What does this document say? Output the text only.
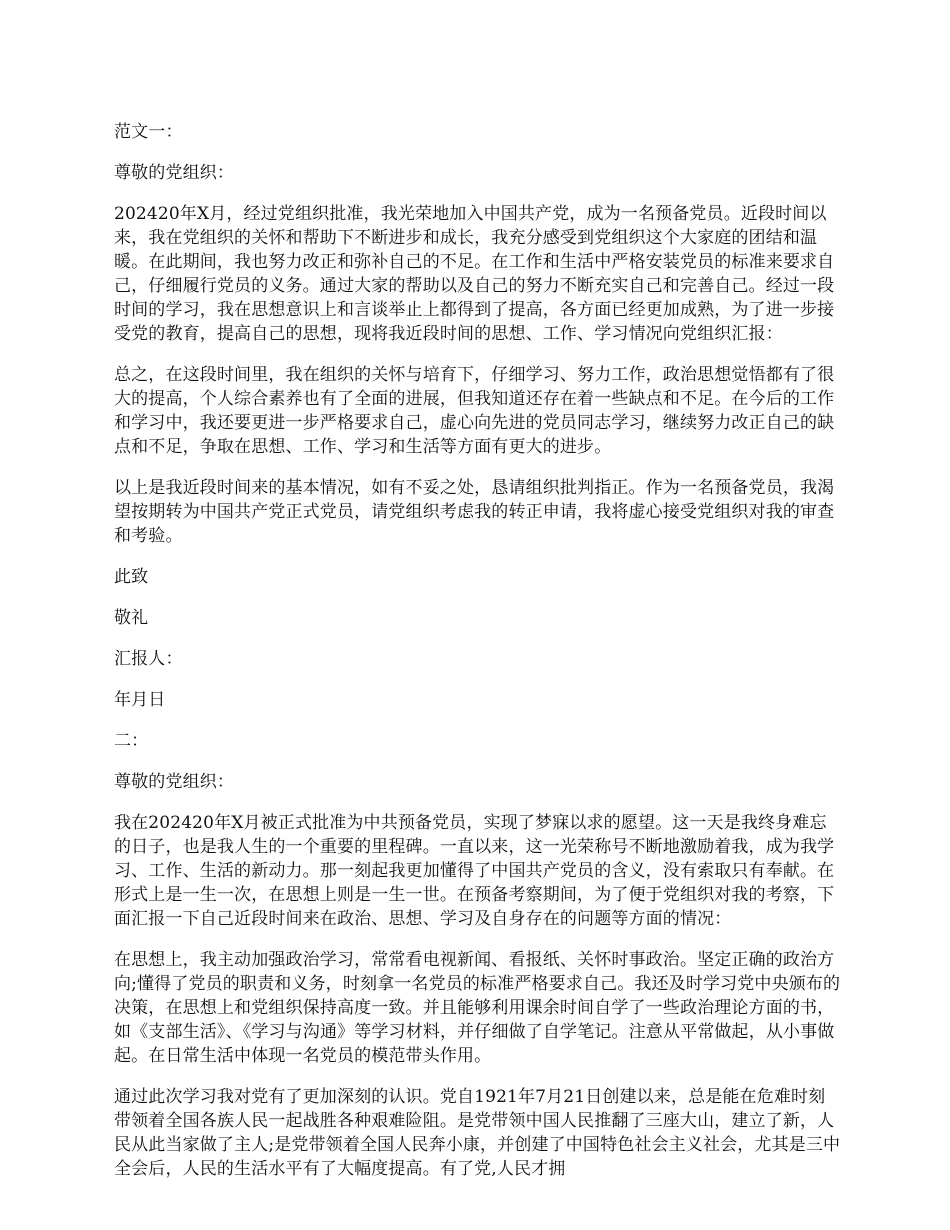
范文一：

尊敬的党组织：

202420年X月，经过党组织批准，我光荣地加入中国共产党，成为一名预备党员。近段时间以来，我在党组织的关怀和帮助下不断进步和成长，我充分感受到党组织这个大家庭的团结和温暖。在此期间，我也努力改正和弥补自己的不足。在工作和生活中严格安装党员的标准来要求自己，仔细履行党员的义务。通过大家的帮助以及自己的努力不断充实自己和完善自己。经过一段时间的学习，我在思想意识上和言谈举止上都得到了提高，各方面已经更加成熟，为了进一步接受党的教育，提高自己的思想，现将我近段时间的思想、工作、学习情况向党组织汇报：

总之，在这段时间里，我在组织的关怀与培育下，仔细学习、努力工作，政治思想觉悟都有了很大的提高，个人综合素养也有了全面的进展，但我知道还存在着一些缺点和不足。在今后的工作和学习中，我还要更进一步严格要求自己，虚心向先进的党员同志学习，继续努力改正自己的缺点和不足，争取在思想、工作、学习和生活等方面有更大的进步。

以上是我近段时间来的基本情况，如有不妥之处，恳请组织批判指正。作为一名预备党员，我渴望按期转为中国共产党正式党员，请党组织考虑我的转正申请，我将虚心接受党组织对我的审查和考验。

此致

敬礼

汇报人：

年月日

二：

尊敬的党组织：

我在202420年X月被正式批准为中共预备党员，实现了梦寐以求的愿望。这一天是我终身难忘的日子，也是我人生的一个重要的里程碑。一直以来，这一光荣称号不断地激励着我，成为我学习、工作、生活的新动力。那一刻起我更加懂得了中国共产党员的含义，没有索取只有奉献。在形式上是一生一次，在思想上则是一生一世。在预备考察期间，为了便于党组织对我的考察，下面汇报一下自己近段时间来在政治、思想、学习及自身存在的问题等方面的情况：

在思想上，我主动加强政治学习，常常看电视新闻、看报纸、关怀时事政治。坚定正确的政治方向;懂得了党员的职责和义务，时刻拿一名党员的标准严格要求自己。我还及时学习党中央颁布的决策，在思想上和党组织保持高度一致。并且能够利用课余时间自学了一些政治理论方面的书，如《支部生活》、《学习与沟通》等学习材料，并仔细做了自学笔记。注意从平常做起，从小事做起。在日常生活中体现一名党员的模范带头作用。

通过此次学习我对党有了更加深刻的认识。党自1921年7月21日创建以来，总是能在危难时刻带领着全国各族人民一起战胜各种艰难险阻。是党带领中国人民推翻了三座大山，建立了新，人民从此当家做了主人;是党带领着全国人民奔小康，并创建了中国特色社会主义社会，尤其是三中全会后，人民的生活水平有了大幅度提高。有了党,人民才拥
